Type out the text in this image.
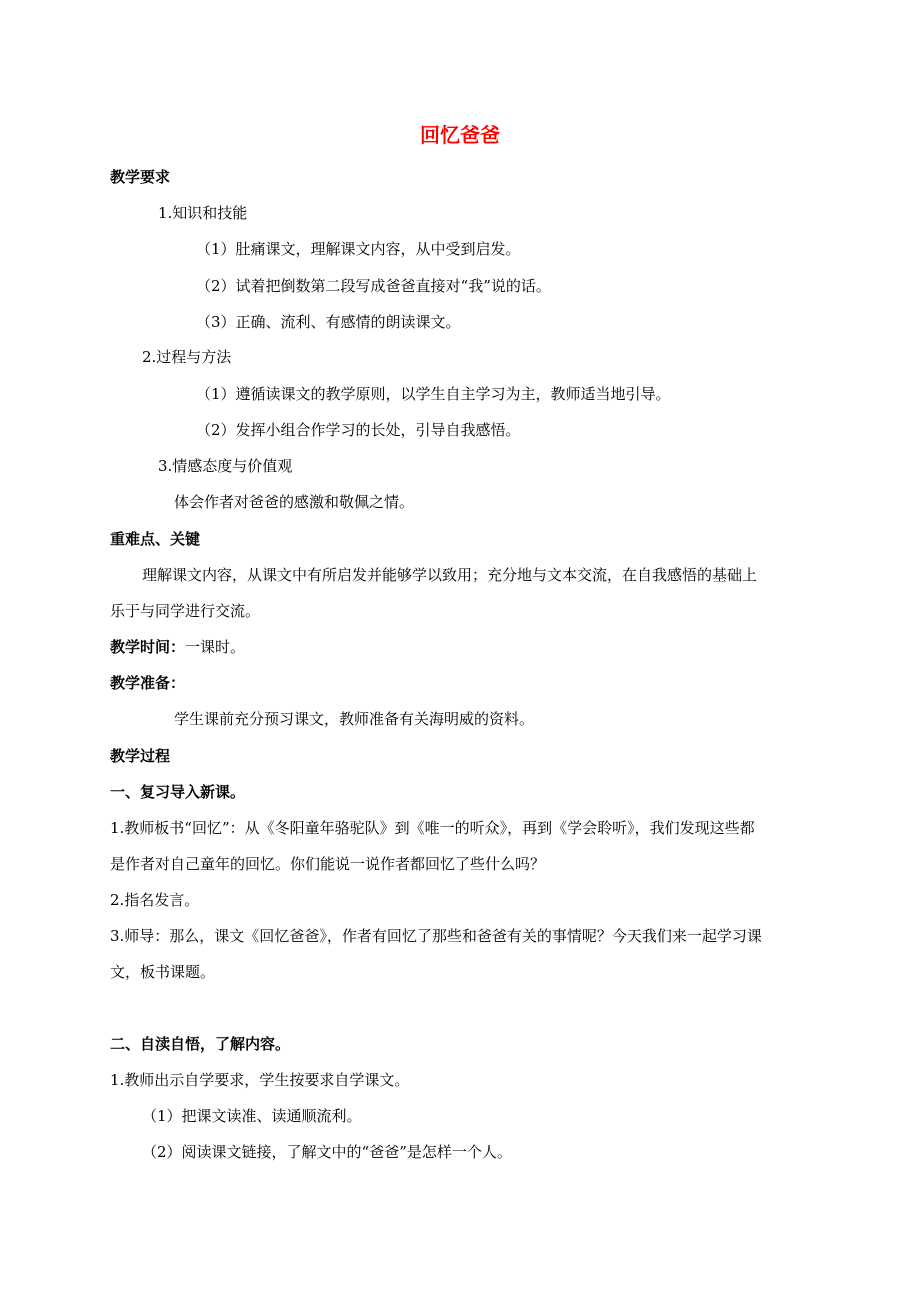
回忆爸爸
教学要求
1.知识和技能
（1）肚痛课文，理解课文内容，从中受到启发。
（2）试着把倒数第二段写成爸爸直接对“我”说的话。
（3）正确、流利、有感情的朗读课文。
2.过程与方法
（1）遵循读课文的教学原则，以学生自主学习为主，教师适当地引导。
（2）发挥小组合作学习的长处，引导自我感悟。
3.情感态度与价值观
体会作者对爸爸的感激和敬佩之情。
重难点、关键
理解课文内容，从课文中有所启发并能够学以致用；充分地与文本交流，在自我感悟的基础上
乐于与同学进行交流。
教学时间：一课时。
教学准备：
学生课前充分预习课文，教师准备有关海明威的资料。
教学过程
一、复习导入新课。
1.教师板书“回忆”：从《冬阳童年骆驼队》到《唯一的听众》，再到《学会聆听》，我们发现这些都
是作者对自己童年的回忆。你们能说一说作者都回忆了些什么吗？
2.指名发言。
3.师导：那么，课文《回忆爸爸》，作者有回忆了那些和爸爸有关的事情呢？今天我们来一起学习课
文，板书课题。
二、自渎自悟，了解内容。
1.教师出示自学要求，学生按要求自学课文。
（1）把课文读准、读通顺流利。
（2）阅读课文链接，了解文中的“爸爸”是怎样一个人。
